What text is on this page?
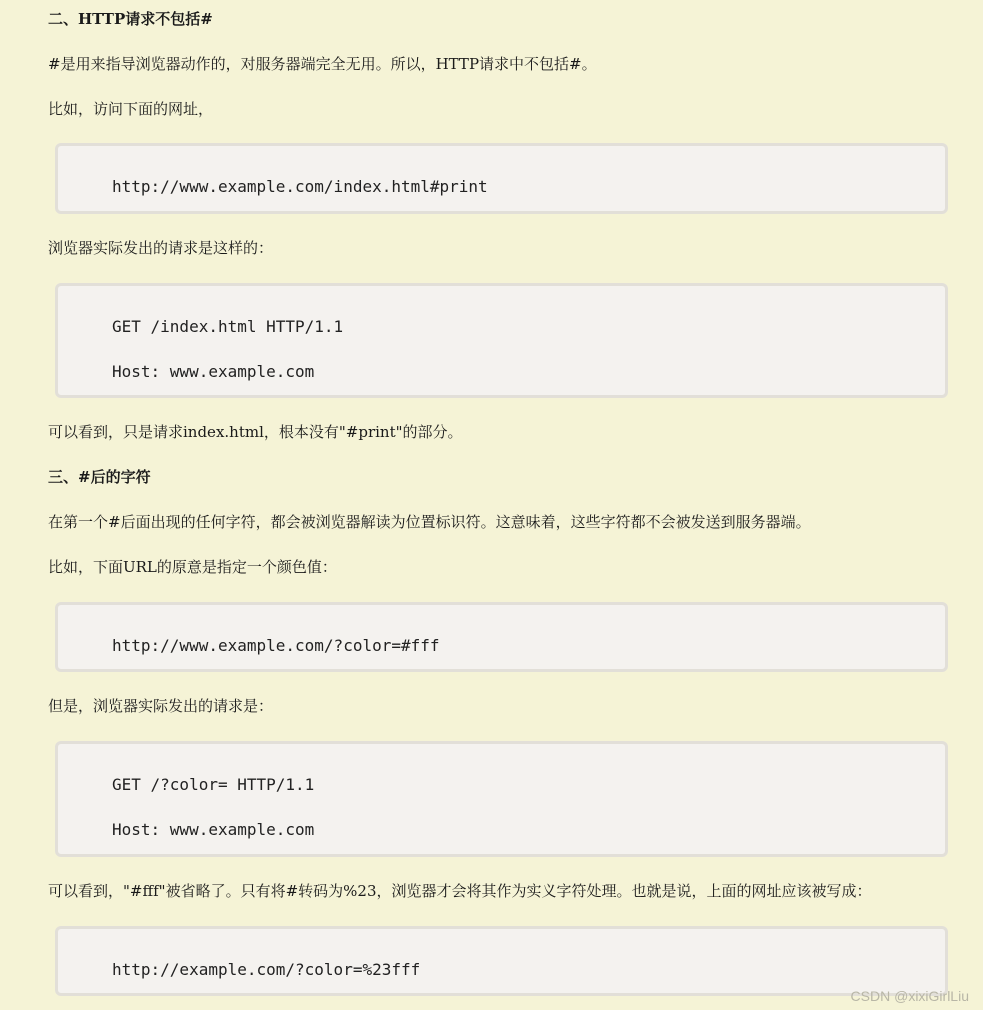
二、HTTP请求不包括#

#是用来指导浏览器动作的，对服务器端完全无用。所以，HTTP请求中不包括#。

比如，访问下面的网址，

http://www.example.com/index.html#print

浏览器实际发出的请求是这样的：

GET /index.html HTTP/1.1
Host: www.example.com

可以看到，只是请求index.html，根本没有"#print"的部分。

三、#后的字符

在第一个#后面出现的任何字符，都会被浏览器解读为位置标识符。这意味着，这些字符都不会被发送到服务器端。

比如，下面URL的原意是指定一个颜色值：

http://www.example.com/?color=#fff

但是，浏览器实际发出的请求是：

GET /?color= HTTP/1.1
Host: www.example.com

可以看到，"#fff"被省略了。只有将#转码为%23，浏览器才会将其作为实义字符处理。也就是说，上面的网址应该被写成：

http://example.com/?color=%23fff
CSDN @xixiGirlLiu
